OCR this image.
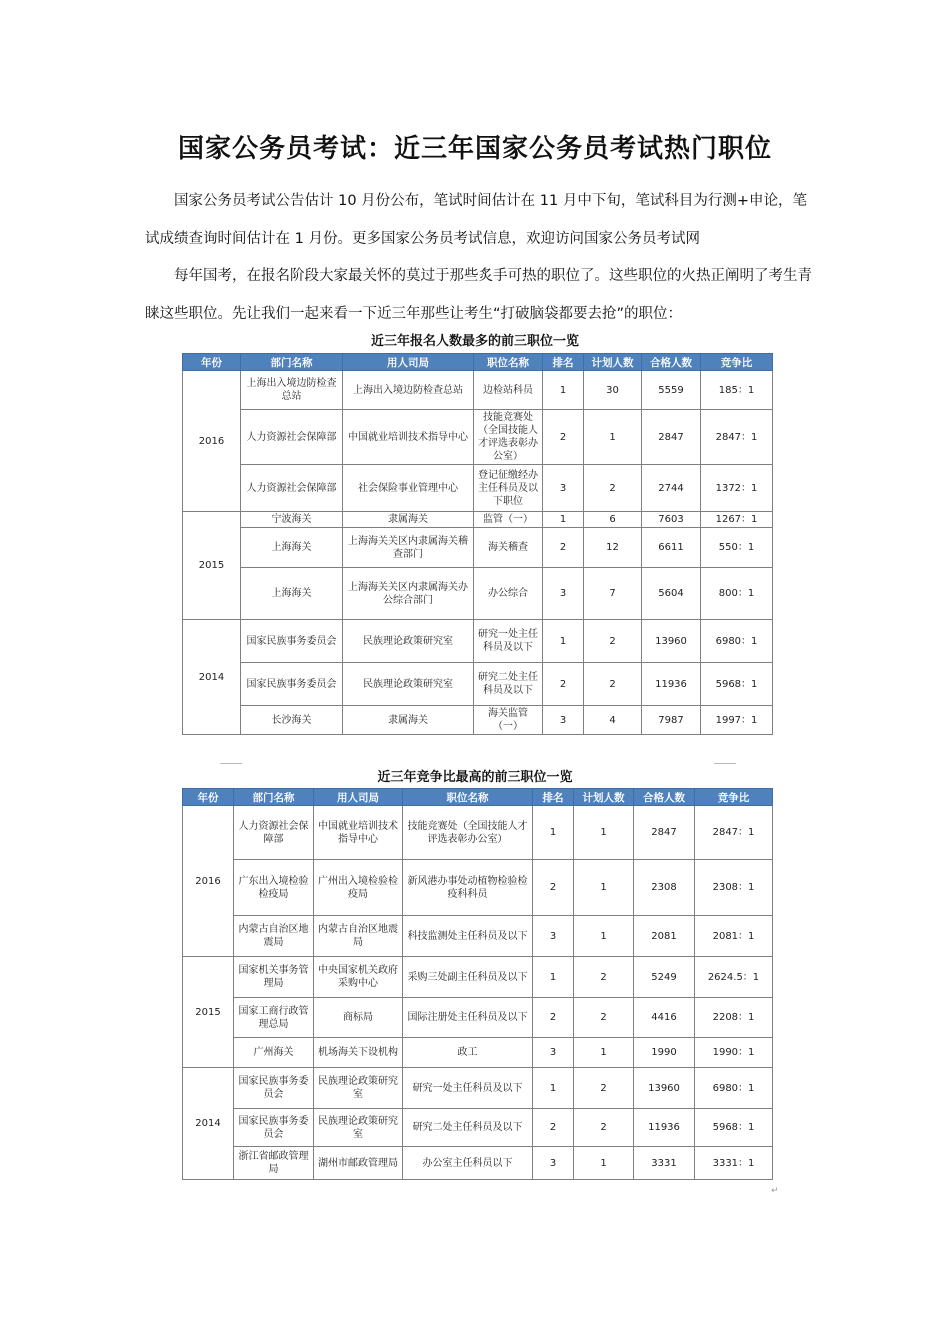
国家公务员考试：近三年国家公务员考试热门职位
国家公务员考试公告估计 10 月份公布，笔试时间估计在 11 月中下旬，笔试科目为行测+申论，笔试成绩查询时间估计在 1 月份。更多国家公务员考试信息，欢迎访问国家公务员考试网
每年国考，在报名阶段大家最关怀的莫过于那些炙手可热的职位了。这些职位的火热正阐明了考生青睐这些职位。先让我们一起来看一下近三年那些让考生“打破脑袋都要去抢”的职位：
近三年报名人数最多的前三职位一览
年份	部门名称	用人司局	职位名称	排名	计划人数	合格人数	竞争比
2016	上海出入境边防检查总站	上海出入境边防检查总站	边检站科员	1	30	5559	185：1
	人力资源社会保障部	中国就业培训技术指导中心	技能竞赛处（全国技能人才评选表彰办公室）	2	1	2847	2847：1
	人力资源社会保障部	社会保险事业管理中心	登记征缴经办主任科员及以下职位	3	2	2744	1372：1
2015	宁波海关	隶属海关	监管（一）	1	6	7603	1267：1
	上海海关	上海海关关区内隶属海关稽查部门	海关稽查	2	12	6611	550：1
	上海海关	上海海关关区内隶属海关办公综合部门	办公综合	3	7	5604	800：1
2014	国家民族事务委员会	民族理论政策研究室	研究一处主任科员及以下	1	2	13960	6980：1
	国家民族事务委员会	民族理论政策研究室	研究二处主任科员及以下	2	2	11936	5968：1
	长沙海关	隶属海关	海关监管（一）	3	4	7987	1997：1
近三年竞争比最高的前三职位一览
年份	部门名称	用人司局	职位名称	排名	计划人数	合格人数	竞争比
2016	人力资源社会保障部	中国就业培训技术指导中心	技能竞赛处（全国技能人才评选表彰办公室）	1	1	2847	2847：1
	广东出入境检验检疫局	广州出入境检验检疫局	新风港办事处动植物检验检疫科科员	2	1	2308	2308：1
	内蒙古自治区地震局	内蒙古自治区地震局	科技监测处主任科员及以下	3	1	2081	2081：1
2015	国家机关事务管理局	中央国家机关政府采购中心	采购三处副主任科员及以下	1	2	5249	2624.5：1
	国家工商行政管理总局	商标局	国际注册处主任科员及以下	2	2	4416	2208：1
	广州海关	机场海关下设机构	政工	3	1	1990	1990：1
2014	国家民族事务委员会	民族理论政策研究室	研究一处主任科员及以下	1	2	13960	6980：1
	国家民族事务委员会	民族理论政策研究室	研究二处主任科员及以下	2	2	11936	5968：1
	浙江省邮政管理局	湖州市邮政管理局	办公室主任科员以下	3	1	3331	3331：1
↵
